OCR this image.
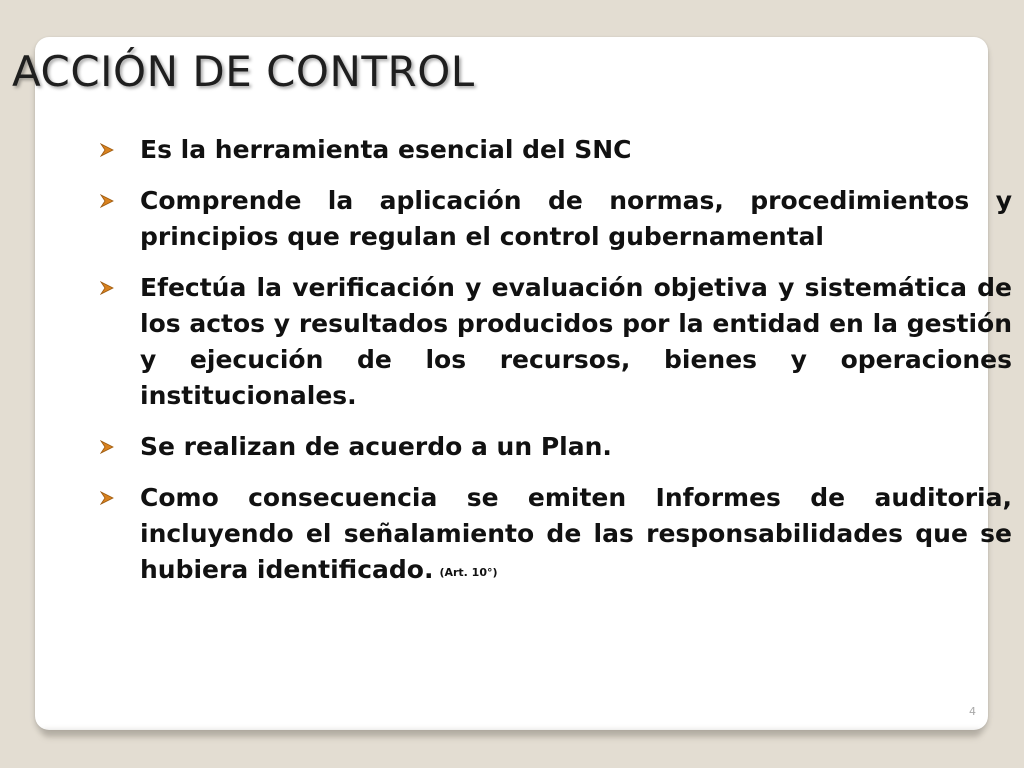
ACCIÓN DE CONTROL
Es la herramienta esencial del SNC
Comprende la aplicación de normas, procedimientos y principios que regulan el control gubernamental
Efectúa la verificación y evaluación objetiva y sistemática de los actos y resultados producidos por la entidad en la gestión y ejecución de los recursos, bienes y operaciones institucionales.
Se realizan de acuerdo a un Plan.
Como consecuencia se emiten Informes de auditoria, incluyendo el señalamiento de las responsabilidades que se hubiera identificado. (Art. 10°)
4
